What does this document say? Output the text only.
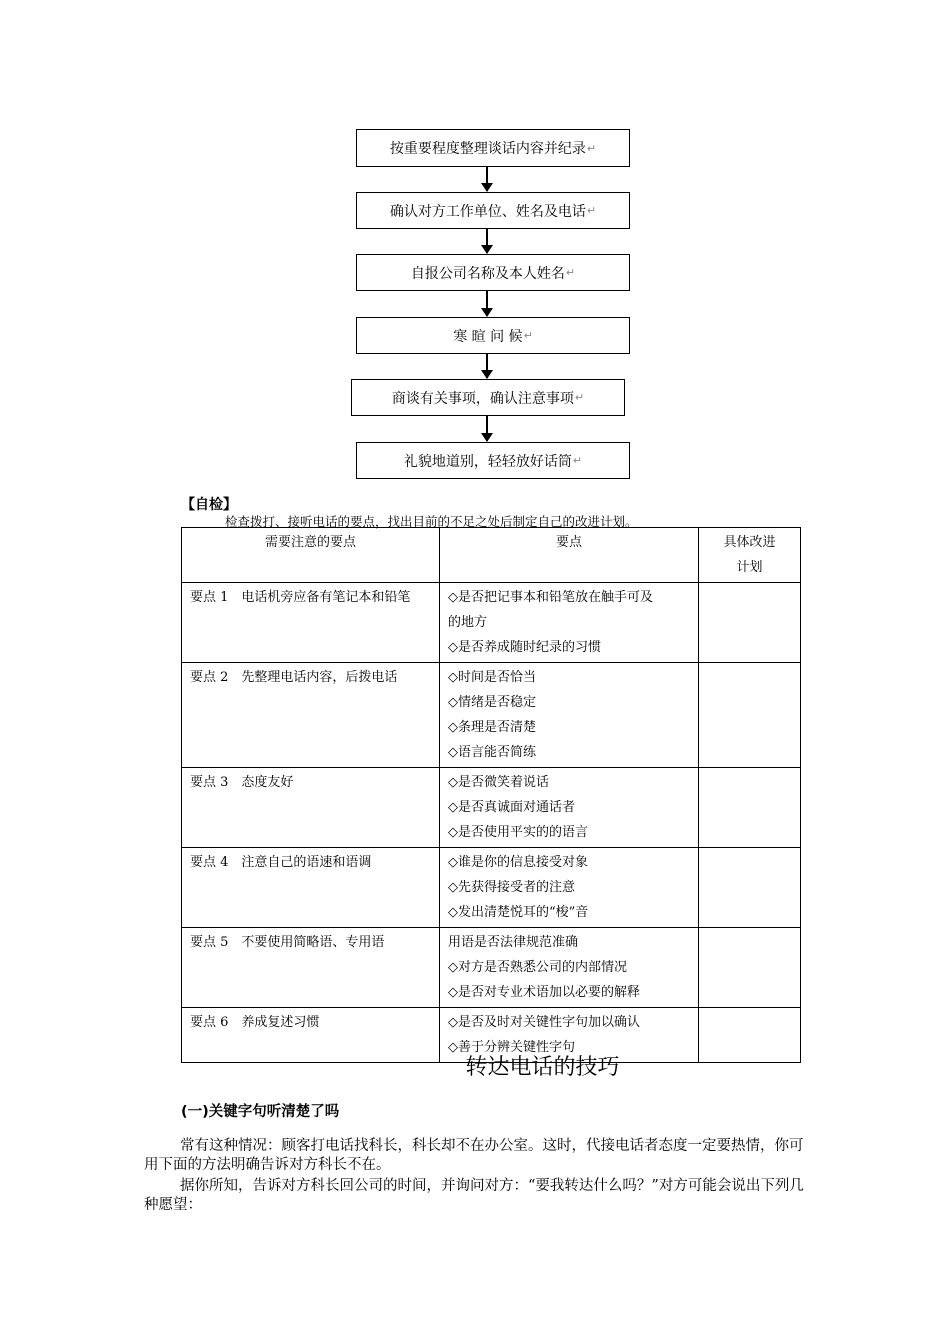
按重要程度整理谈话内容并纪录 ↵
确认对方工作单位、姓名及电话 ↵
自报公司名称及本人姓名 ↵
寒 暄 问 候 ↵
商谈有关事项，确认注意事项 ↵
礼貌地道别，轻轻放好话筒 ↵
【自检】
检查拨打、接听电话的要点，找出目前的不足之处后制定自己的改进计划。
需要注意的要点	要点	具体改进计划
要点 1　电话机旁应备有笔记本和铅笔	◇是否把记事本和铅笔放在触手可及
的地方
◇是否养成随时纪录的习惯	

要点 2　先整理电话内容，后拨电话	◇时间是否恰当
◇情绪是否稳定
◇条理是否清楚
◇语言能否简练	

要点 3　态度友好	◇是否微笑着说话
◇是否真诚面对通话者
◇是否使用平实的的语言	

要点 4　注意自己的语速和语调	◇谁是你的信息接受对象
◇先获得接受者的注意
◇发出清楚悦耳的“梭”音	

要点 5　不要使用简略语、专用语	用语是否法律规范准确
◇对方是否熟悉公司的内部情况
◇是否对专业术语加以必要的解释	

要点 6　养成复述习惯	◇是否及时对关键性字句加以确认
◇善于分辨关键性字句	

转达电话的技巧
(一)关键字句听清楚了吗
常有这种情况：顾客打电话找科长，科长却不在办公室。这时，代接电话者态度一定要热情，你可用下面的方法明确告诉对方科长不在。
据你所知，告诉对方科长回公司的时间，并询问对方：“要我转达什么吗？”对方可能会说出下列几种愿望：
